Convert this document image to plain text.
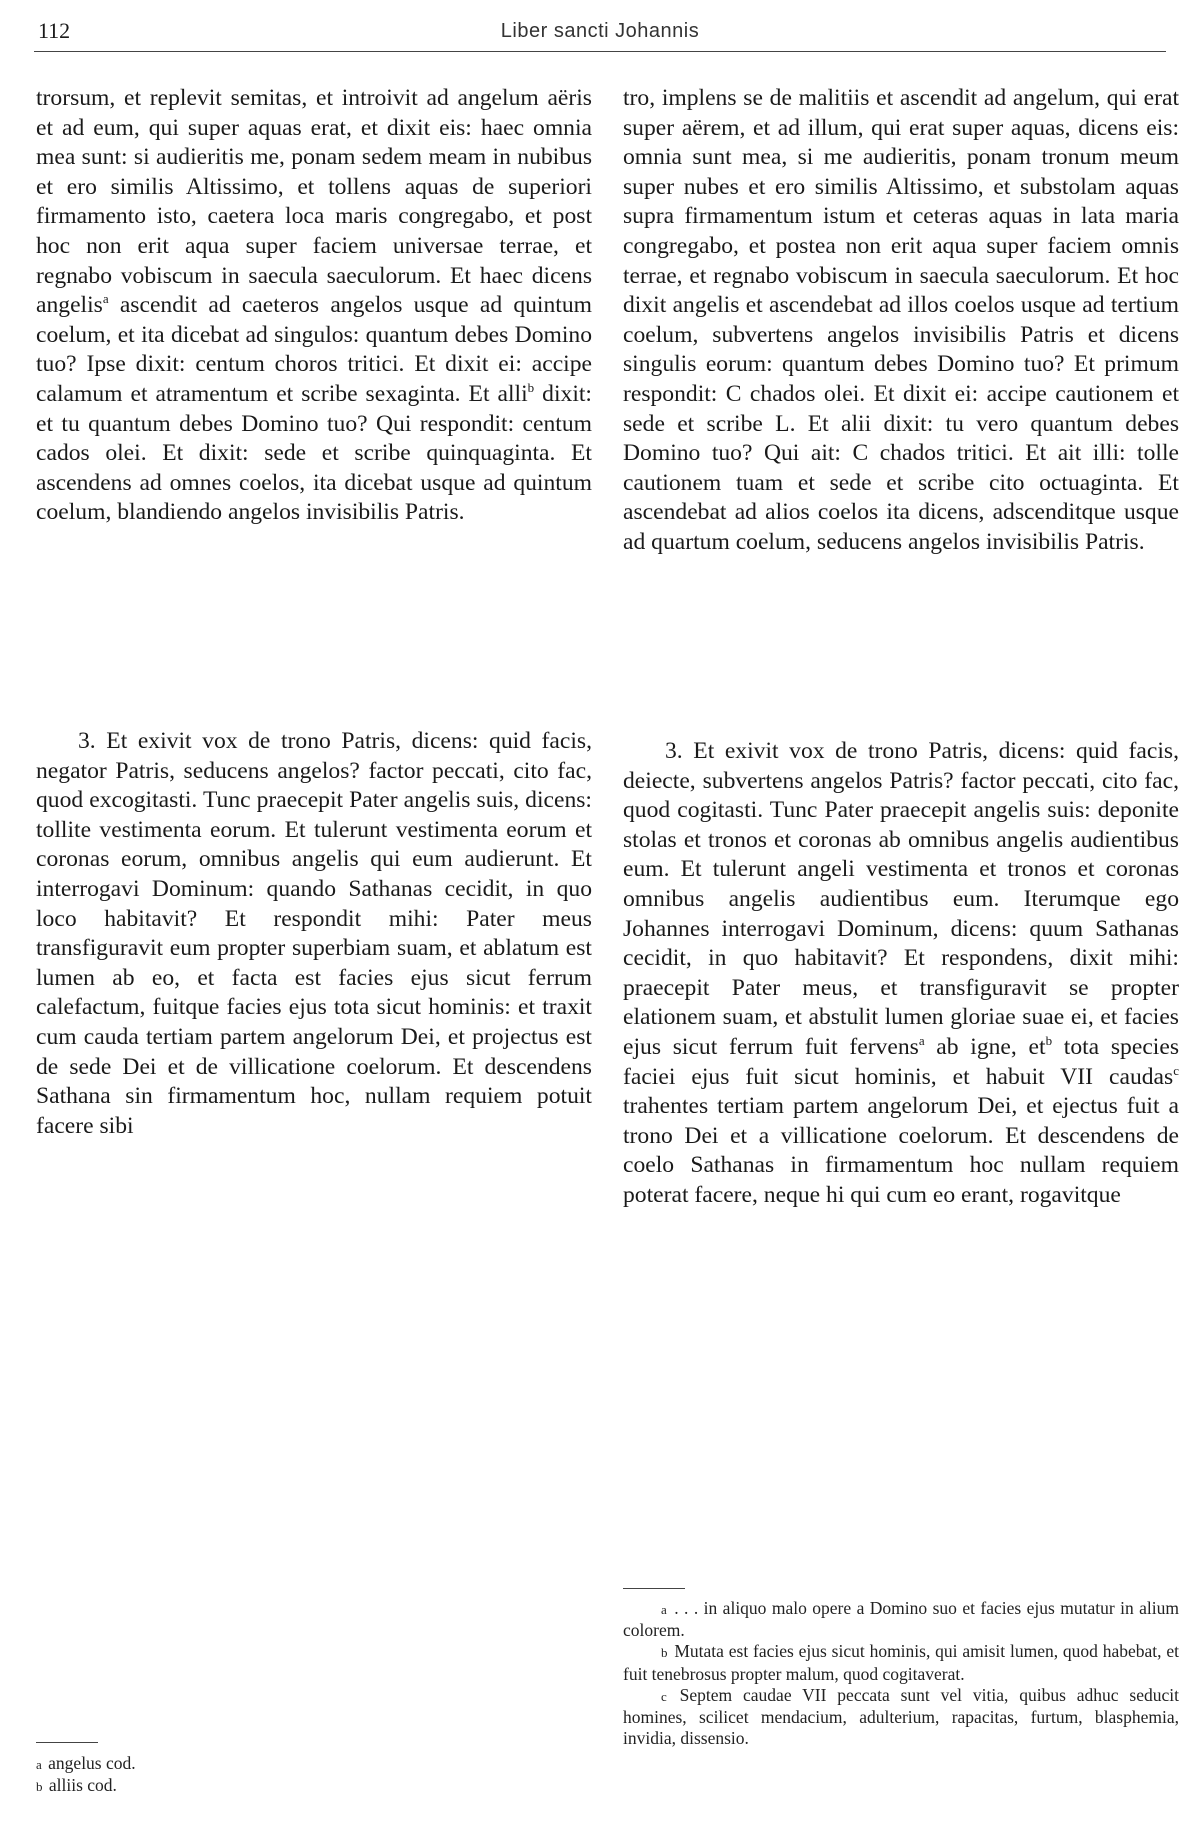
112	Liber sancti Johannis

trorsum, et replevit semitas, et introivit ad angelum aëris et ad eum, qui super aquas erat, et dixit eis: haec omnia mea sunt: si audieritis me, ponam sedem meam in nubibus et ero similis Altissimo, et tollens aquas de superiori firmamento isto, caetera loca maris congregabo, et post hoc non erit aqua super faciem universae terrae, et regnabo vobiscum in saecula saeculorum. Et haec dicens angelis$^a$ ascendit ad caeteros angelos usque ad quintum coelum, et ita dicebat ad singulos: quantum debes Domino tuo? Ipse dixit: centum choros tritici. Et dixit ei: accipe calamum et atramentum et scribe sexaginta. Et alli$^b$ dixit: et tu quantum debes Domino tuo? Qui respondit: centum cados olei. Et dixit: sede et scribe quinquaginta. Et ascendens ad omnes coelos, ita dicebat usque ad quintum coelum, blandiendo angelos invisibilis Patris.

tro, implens se de malitiis et ascendit ad angelum, qui erat super aërem, et ad illum, qui erat super aquas, dicens eis: omnia sunt mea, si me audieritis, ponam tronum meum super nubes et ero similis Altissimo, et substolam aquas supra firmamentum istum et ceteras aquas in lata maria congregabo, et postea non erit aqua super faciem omnis terrae, et regnabo vobiscum in saecula saeculorum. Et hoc dixit angelis et ascendebat ad illos coelos usque ad tertium coelum, subvertens angelos invisibilis Patris et dicens singulis eorum: quantum debes Domino tuo? Et primum respondit: C chados olei. Et dixit ei: accipe cautionem et sede et scribe L. Et alii dixit: tu vero quantum debes Domino tuo? Qui ait: C chados tritici. Et ait illi: tolle cautionem tuam et sede et scribe cito octuaginta. Et ascendebat ad alios coelos ita dicens, adscenditque usque ad quartum coelum, seducens angelos invisibilis Patris.

3. Et exivit vox de trono Patris, dicens: quid facis, negator Patris, seducens angelos? factor peccati, cito fac, quod excogitasti. Tunc praecepit Pater angelis suis, dicens: tollite vestimenta eorum. Et tulerunt vestimenta eorum et coronas eorum, omnibus angelis qui eum audierunt. Et interrogavi Dominum: quando Sathanas cecidit, in quo loco habitavit? Et respondit mihi: Pater meus transfiguravit eum propter superbiam suam, et ablatum est lumen ab eo, et facta est facies ejus sicut ferrum calefactum, fuitque facies ejus tota sicut hominis: et traxit cum cauda tertiam partem angelorum Dei, et projectus est de sede Dei et de villicatione coelorum. Et descendens Sathana sin firmamentum hoc, nullam requiem potuit facere sibi

3. Et exivit vox de trono Patris, dicens: quid facis, deiecte, subvertens angelos Patris? factor peccati, cito fac, quod cogitasti. Tunc Pater praecepit angelis suis: deponite stolas et tronos et coronas ab omnibus angelis audientibus eum. Et tulerunt angeli vestimenta et tronos et coronas omnibus angelis audientibus eum. Iterumque ego Johannes interrogavi Dominum, dicens: quum Sathanas cecidit, in quo habitavit? Et respondens, dixit mihi: praecepit Pater meus, et transfiguravit se propter elationem suam, et abstulit lumen gloriae suae ei, et facies ejus sicut ferrum fuit fervens$^a$ ab igne, $et^b$ tota species faciei ejus fuit sicut hominis, et habuit VII caudas$^c$ trahentes tertiam partem angelorum Dei, et ejectus fuit a trono Dei et a villicatione coelorum. Et descendens de coelo Sathanas in firmamentum hoc nullam requiem poterat facere, neque hi qui cum eo erant, rogavitque

a . . . in aliquo malo opere a Domino suo et facies ejus mutatur in alium colorem.

b Mutata est facies ejus sicut hominis, qui amisit lumen, quod habebat, et fuit tenebrosus propter malum, quod cogitaverat.

c Septem caudae VII peccata sunt vel vitia, quibus adhuc seducit homines, scilicet mendacium, adulterium, rapacitas, furtum, blasphemia, invidia, dissensio.

a angelus cod.

b alliis cod.
